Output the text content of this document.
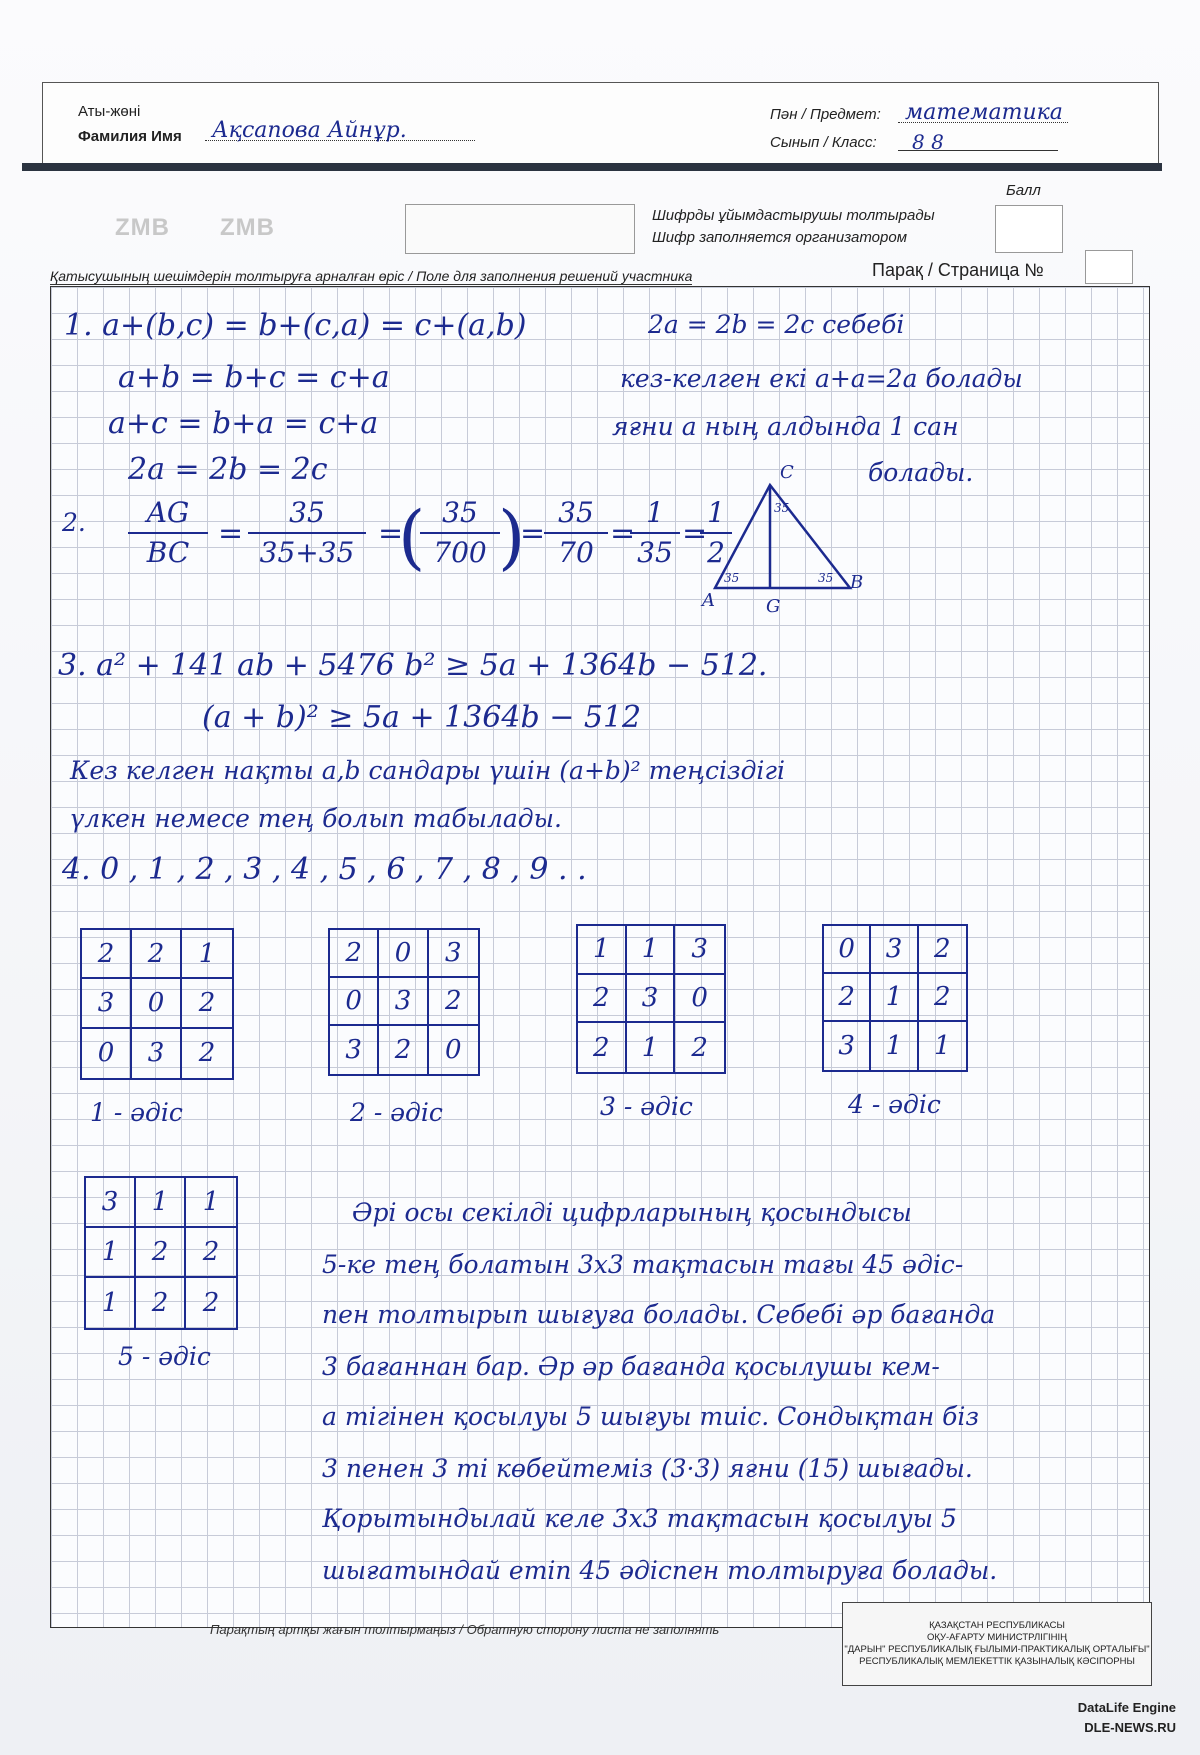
Аты-жөні
Фамилия Имя Ақсапова Айнұр.
Пән / Предмет: математика
Сынып / Класс: 8 8
ZMB ZMB	Шифрды ұйымдастырушы толтырады
Шифр заполняется организатором
Балл
Қатысушының шешімдерін толтыруға арналған өріс / Поле для заполнения решений участника	Парақ / Страница №
1. a+(b,c) = b+(c,a) = c+(a,b)
a+b = b+c = c+a
a+c = b+a = c+a
2a = 2b = 2c
2a = 2b = 2c себебі
кез-келген екі a+a=2a болады
яғни a ның алдында 1 сан
болады.
2.	AG
BC
=
35
35+35
=
( 35
700 )
=
35
70
=
1
35
=
1
2
C
A
B
G
35
35	35
3. a² + 141 ab + 5476 b² ≥ 5a + 1364b − 512.
(a + b)² ≥ 5a + 1364b − 512
Кез келген нақты a,b сандары үшін (a+b)² теңсіздігі
үлкен немесе тең болып табылады.
4. 0 , 1 , 2 , 3 , 4 , 5 , 6 , 7 , 8 , 9 . .
2	2	1
3	0	2
0	3	2
1 - әдіс
2	0	3
0	3	2
3	2	0
2 - әдіс
1	1	3
2	3	0
2	1	2
3 - әдіс
0	3	2
2	1	2
3	1	1
4 - әдіс
3	1	1
1	2	2
1	2	2
5 - әдіс
Әрі осы секілді цифрларының қосындысы
5-ке тең болатын 3x3 тақтасын тағы 45 әдіс-
пен толтырып шығуға болады. Себебі әр бағанда
3 бағаннан бар. Әр әр бағанда қосылушы кем-
а тігінен қосылуы 5 шығуы тиіс. Сондықтан біз
3 пенен 3 ті көбейтеміз (3·3) яғни (15) шығады.
Қорытындылай келе 3x3 тақтасын қосылуы 5
шығатындай етіп 45 әдіспен толтыруға болады.
Парақтың артқы жағын толтырмаңыз / Обратную сторону листа не заполнять	ҚАЗАҚСТАН РЕСПУБЛИКАСЫ
ОҚУ-АҒАРТУ МИНИСТРЛІГІНІҢ
"ДАРЫН" РЕСПУБЛИКАЛЫҚ ҒЫЛЫМИ-ПРАКТИКАЛЫҚ ОРТАЛЫҒЫ"
РЕСПУБЛИКАЛЫҚ МЕМЛЕКЕТТІК ҚАЗЫНАЛЫҚ КӘСІПОРНЫ
DataLife Engine
DLE-NEWS.RU
